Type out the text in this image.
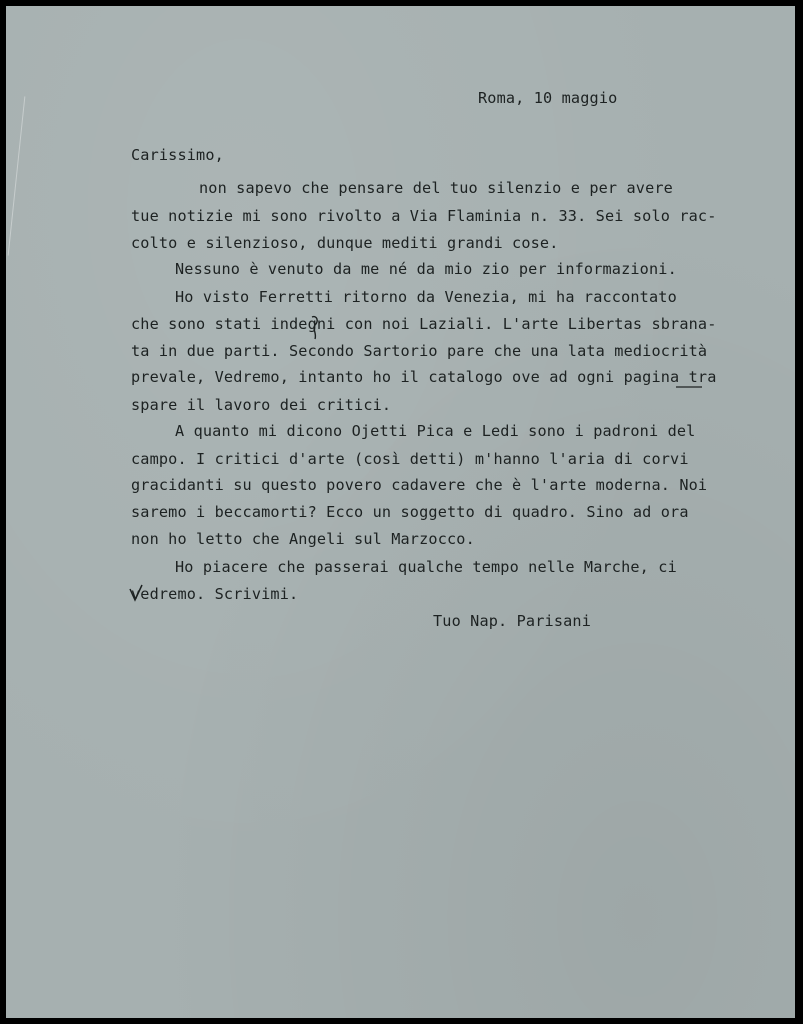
Roma, 10 maggio
Carissimo,
non sapevo che pensare del tuo silenzio e per avere
tue notizie mi sono rivolto a Via Flaminia n. 33. Sei solo rac-
colto e silenzioso, dunque mediti grandi cose.
Nessuno è venuto da me né da mio zio per informazioni.
Ho visto Ferretti ritorno da Venezia, mi ha raccontato
che sono stati indegni con noi Laziali. L'arte Libertas sbrana-
ta in due parti. Secondo Sartorio pare che una lata mediocrità
prevale, Vedremo, intanto ho il catalogo ove ad ogni pagina tra
spare il lavoro dei critici.
A quanto mi dicono Ojetti Pica e Ledi sono i padroni del
campo. I critici d'arte (così detti) m'hanno l'aria di corvi
gracidanti su questo povero cadavere che è l'arte moderna. Noi
saremo i beccamorti? Ecco un soggetto di quadro. Sino ad ora
non ho letto che Angeli sul Marzocco.
Ho piacere che passerai qualche tempo nelle Marche, ci
vedremo. Scrivimi.
Tuo Nap. Parisani
